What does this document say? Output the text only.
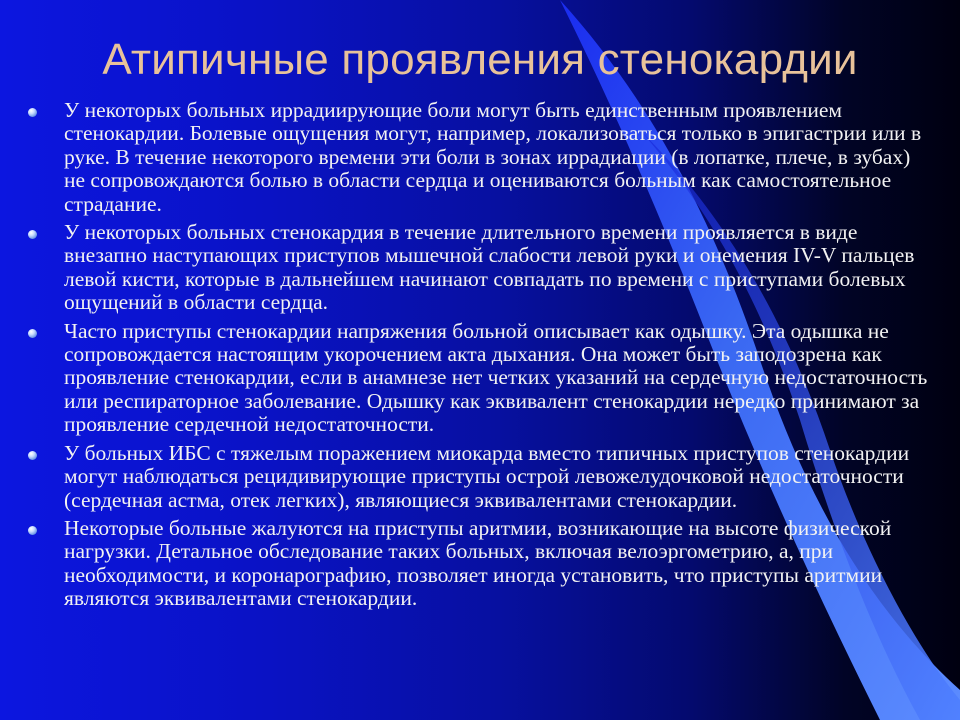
Атипичные проявления стенокардии
У некоторых больных иррадиирующие боли могут быть единственным проявлением стенокардии. Болевые ощущения могут, например, локализоваться только в эпигастрии или в руке. В течение некоторого времени эти боли в зонах иррадиации (в лопатке, плече, в зубах) не сопровождаются болью в области сердца и оцениваются больным как самостоятельное страдание.
У некоторых больных стенокардия в течение длительного времени проявляется в виде внезапно наступающих приступов мышечной слабости левой руки и онемения IV-V пальцев левой кисти, которые в дальнейшем начинают совпадать по времени с приступами болевых ощущений в области сердца.
Часто приступы стенокардии напряжения больной описывает как одышку. Эта одышка не сопровождается настоящим укорочением акта дыхания. Она может быть заподозрена как проявление стенокардии, если в анамнезе нет четких указаний на сердечную недостаточность или респираторное заболевание. Одышку как эквивалент стенокардии нередко принимают за проявление сердечной недостаточности.
У больных ИБС с тяжелым поражением миокарда вместо типичных приступов стенокардии могут наблюдаться рецидивирующие приступы острой левожелудочковой недостаточности (сердечная астма, отек легких), являющиеся эквивалентами стенокардии.
Некоторые больные жалуются на приступы аритмии, возникающие на высоте физической нагрузки. Детальное обследование таких больных, включая велоэргометрию, а, при необходимости, и коронарографию, позволяет иногда установить, что приступы аритмии являются эквивалентами стенокардии.
